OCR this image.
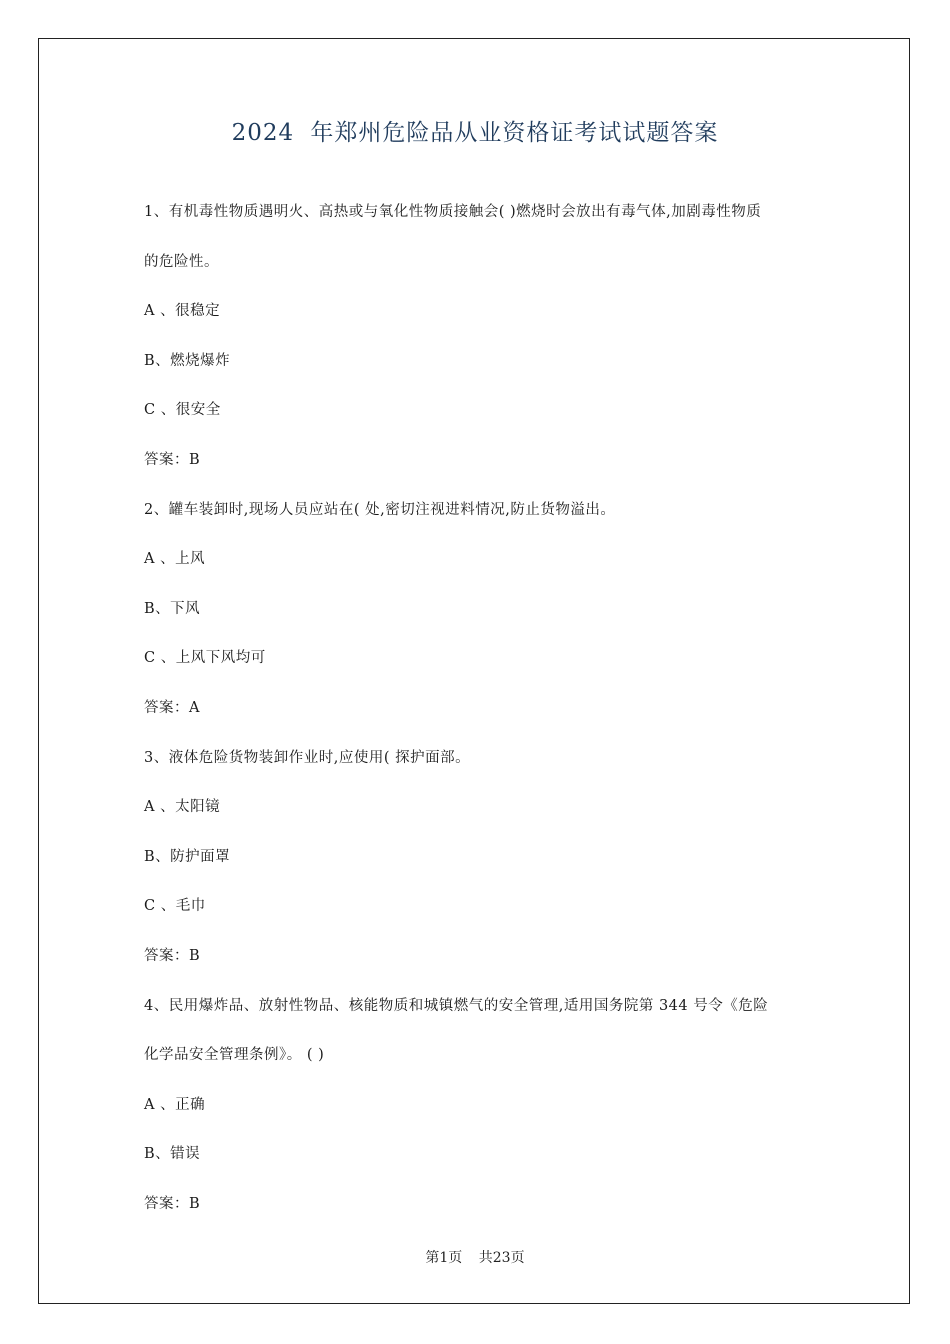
2024 年郑州危险品从业资格证考试试题答案
1、有机毒性物质遇明火、高热或与氧化性物质接触会( )燃烧时会放出有毒气体,加剧毒性物质
的危险性。
A 、很稳定
B、燃烧爆炸
C 、很安全
答案：B
2、罐车装卸时,现场人员应站在( 处,密切注视进料情况,防止货物溢出。
A 、上风
B、下风
C 、上风下风均可
答案：A
3、液体危险货物装卸作业时,应使用( 探护面部。
A 、太阳镜
B、防护面罩
C 、毛巾
答案：B
4、民用爆炸品、放射性物品、核能物质和城镇燃气的安全管理,适用国务院第 344 号令《危险
化学品安全管理条例》。 ( )
A 、正确
B、错误
答案：B
第1页 共23页
